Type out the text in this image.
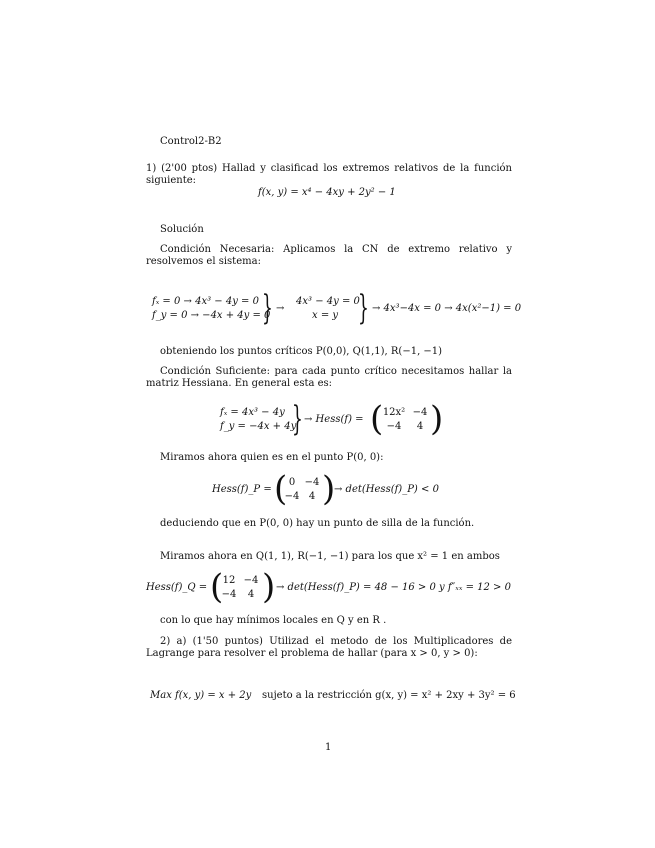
Control2-B2
1) (2'00 ptos) Hallad y clasificad los extremos relativos de la función siguiente:
f(x, y) = x⁴ − 4xy + 2y² − 1
Solución
Condición Necesaria: Aplicamos la CN de extremo relativo y resolvemos el sistema:
fₓ = 0 → 4x³ − 4y = 0
f_y = 0 → −4x + 4y = 0
} →
4x³ − 4y = 0
x = y } → 4x³−4x = 0 → 4x(x²−1) = 0
obteniendo los puntos críticos P(0,0), Q(1,1), R(−1, −1)
Condición Suficiente: para cada punto crítico necesitamos hallar la matriz Hessiana. En general esta es:
fₓ = 4x³ − 4y
f_y = −4x + 4y
} → Hess(f) = ( 12x² −4
−4	4 )
Miramos ahora quien es en el punto P(0, 0):
Hess(f)_P = ( 0 −4
−4 4 )
→ det(Hess(f)_P) < 0
deduciendo que en P(0, 0) hay un punto de silla de la función.
Miramos ahora en Q(1, 1), R(−1, −1) para los que x² = 1 en ambos
Hess(f)_Q = ( 12 −4
−4	4 ) → det(Hess(f)_P) = 48 − 16 > 0 y f″ₓₓ = 12 > 0
con lo que hay mínimos locales en Q y en R .
2) a) (1'50 puntos) Utilizad el metodo de los Multiplicadores de Lagrange para resolver el problema de hallar (para x > 0, y > 0):
Max f(x, y) = x + 2y sujeto a la restricción g(x, y) = x² + 2xy + 3y² = 6
1
